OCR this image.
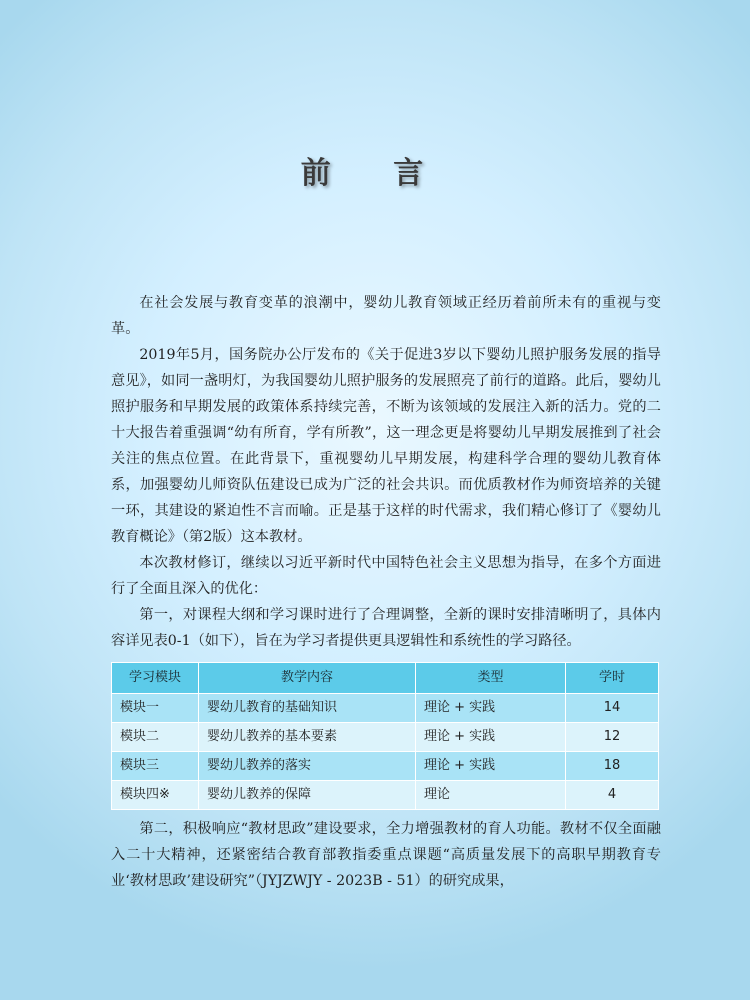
前 言

在社会发展与教育变革的浪潮中，婴幼儿教育领域正经历着前所未有的重视与变革。

2019年5月，国务院办公厅发布的《关于促进3岁以下婴幼儿照护服务发展的指导意见》，如同一盏明灯，为我国婴幼儿照护服务的发展照亮了前行的道路。此后，婴幼儿照护服务和早期发展的政策体系持续完善，不断为该领域的发展注入新的活力。党的二十大报告着重强调“幼有所育，学有所教”，这一理念更是将婴幼儿早期发展推到了社会关注的焦点位置。在此背景下，重视婴幼儿早期发展，构建科学合理的婴幼儿教育体系，加强婴幼儿师资队伍建设已成为广泛的社会共识。而优质教材作为师资培养的关键一环，其建设的紧迫性不言而喻。正是基于这样的时代需求，我们精心修订了《婴幼儿教育概论》（第2版）这本教材。

本次教材修订，继续以习近平新时代中国特色社会主义思想为指导，在多个方面进行了全面且深入的优化：

第一，对课程大纲和学习课时进行了合理调整，全新的课时安排清晰明了，具体内容详见表0-1（如下），旨在为学习者提供更具逻辑性和系统性的学习路径。

学习模块	教学内容	类型	学时
模块一	婴幼儿教育的基础知识	理论 + 实践	14
模块二	婴幼儿教养的基本要素	理论 + 实践	12
模块三	婴幼儿教养的落实	理论 + 实践	18
模块四※	婴幼儿教养的保障	理论	4

第二，积极响应“教材思政”建设要求，全力增强教材的育人功能。教材不仅全面融入二十大精神，还紧密结合教育部教指委重点课题“高质量发展下的高职早期教育专业‘教材思政’建设研究”（JYJZWJY - 2023B - 51）的研究成果，
